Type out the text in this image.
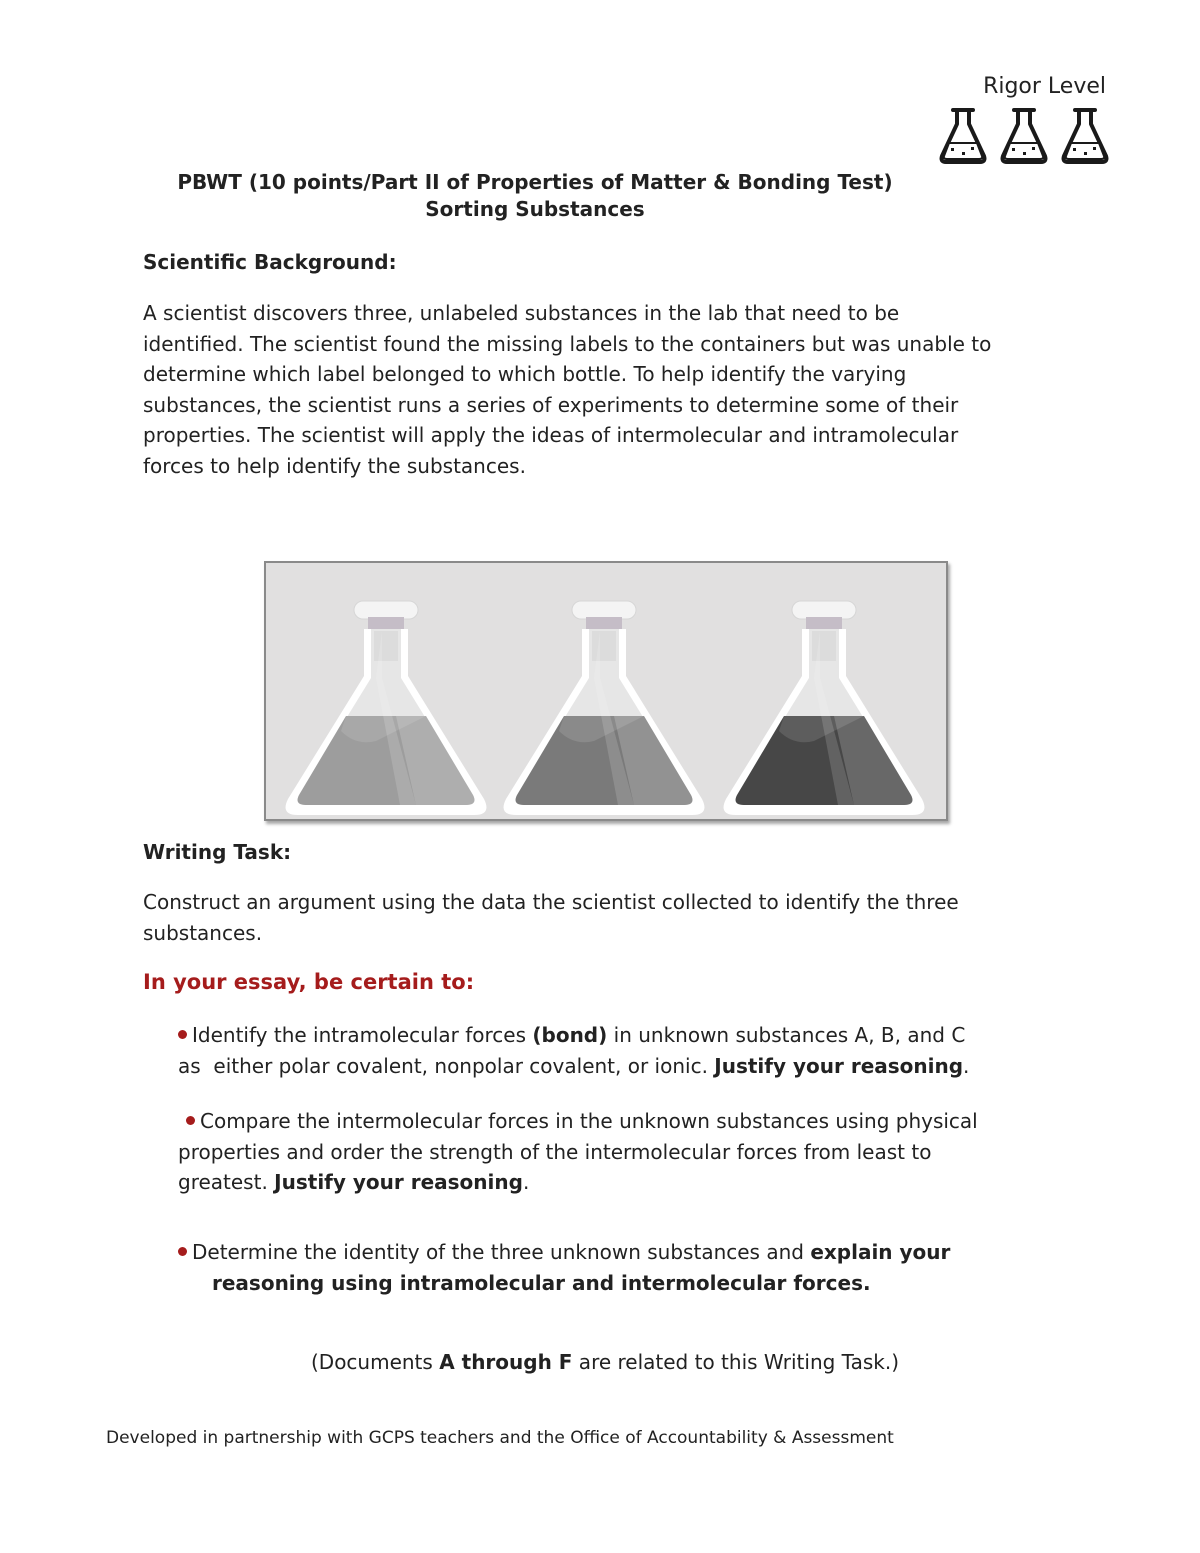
Rigor Level
PBWT (10 points/Part II of Properties of Matter & Bonding Test)
Sorting Substances
Scientific Background:
A scientist discovers three, unlabeled substances in the lab that need to be
identified. The scientist found the missing labels to the containers but was unable to
determine which label belonged to which bottle. To help identify the varying
substances, the scientist runs a series of experiments to determine some of their
properties. The scientist will apply the ideas of intermolecular and intramolecular
forces to help identify the substances.
Writing Task:
Construct an argument using the data the scientist collected to identify the three
substances.
In your essay, be certain to:
Identify the intramolecular forces (bond) in unknown substances A, B, and C
as  either polar covalent, nonpolar covalent, or ionic. Justify your reasoning.
Compare the intermolecular forces in the unknown substances using physical
properties and order the strength of the intermolecular forces from least to
greatest. Justify your reasoning.
Determine the identity of the three unknown substances and explain your
reasoning using intramolecular and intermolecular forces.
(Documents A through F are related to this Writing Task.)
Developed in partnership with GCPS teachers and the Office of Accountability & Assessment
